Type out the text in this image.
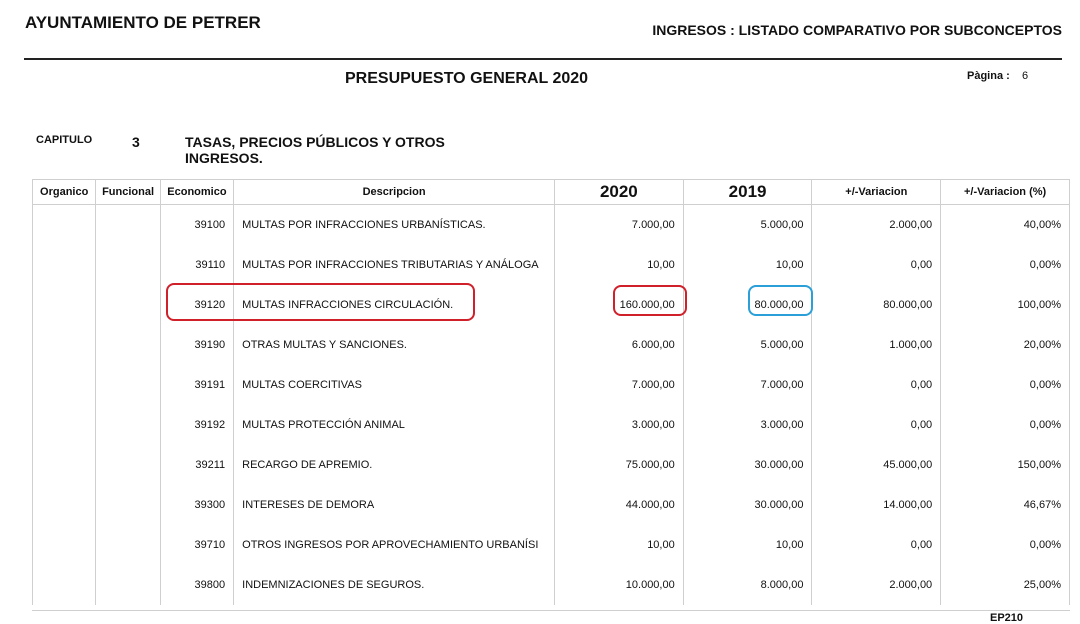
AYUNTAMIENTO DE PETRER	INGRESOS : LISTADO COMPARATIVO POR SUBCONCEPTOS
PRESUPUESTO GENERAL 2020	Pàgina : 6
CAPITULO	3	TASAS, PRECIOS PÚBLICOS Y OTROS INGRESOS.
Organico	Funcional	Economico	Descripcion	2020	2019	+/-Variacion	+/-Variacion (%)
		39100	MULTAS POR INFRACCIONES URBANÍSTICAS.	7.000,00	5.000,00	2.000,00	40,00%
		39110	MULTAS POR INFRACCIONES TRIBUTARIAS Y ANÁLOGA	10,00	10,00	0,00	0,00%
		39120	MULTAS INFRACCIONES CIRCULACIÓN.	160.000,00	80.000,00	80.000,00	100,00%
		39190	OTRAS MULTAS Y SANCIONES.	6.000,00	5.000,00	1.000,00	20,00%
		39191	MULTAS COERCITIVAS	7.000,00	7.000,00	0,00	0,00%
		39192	MULTAS PROTECCIÓN ANIMAL	3.000,00	3.000,00	0,00	0,00%
		39211	RECARGO DE APREMIO.	75.000,00	30.000,00	45.000,00	150,00%
		39300	INTERESES DE DEMORA	44.000,00	30.000,00	14.000,00	46,67%
		39710	OTROS INGRESOS POR APROVECHAMIENTO URBANÍSI	10,00	10,00	0,00	0,00%
		39800	INDEMNIZACIONES DE SEGUROS.	10.000,00	8.000,00	2.000,00	25,00%
EP210
